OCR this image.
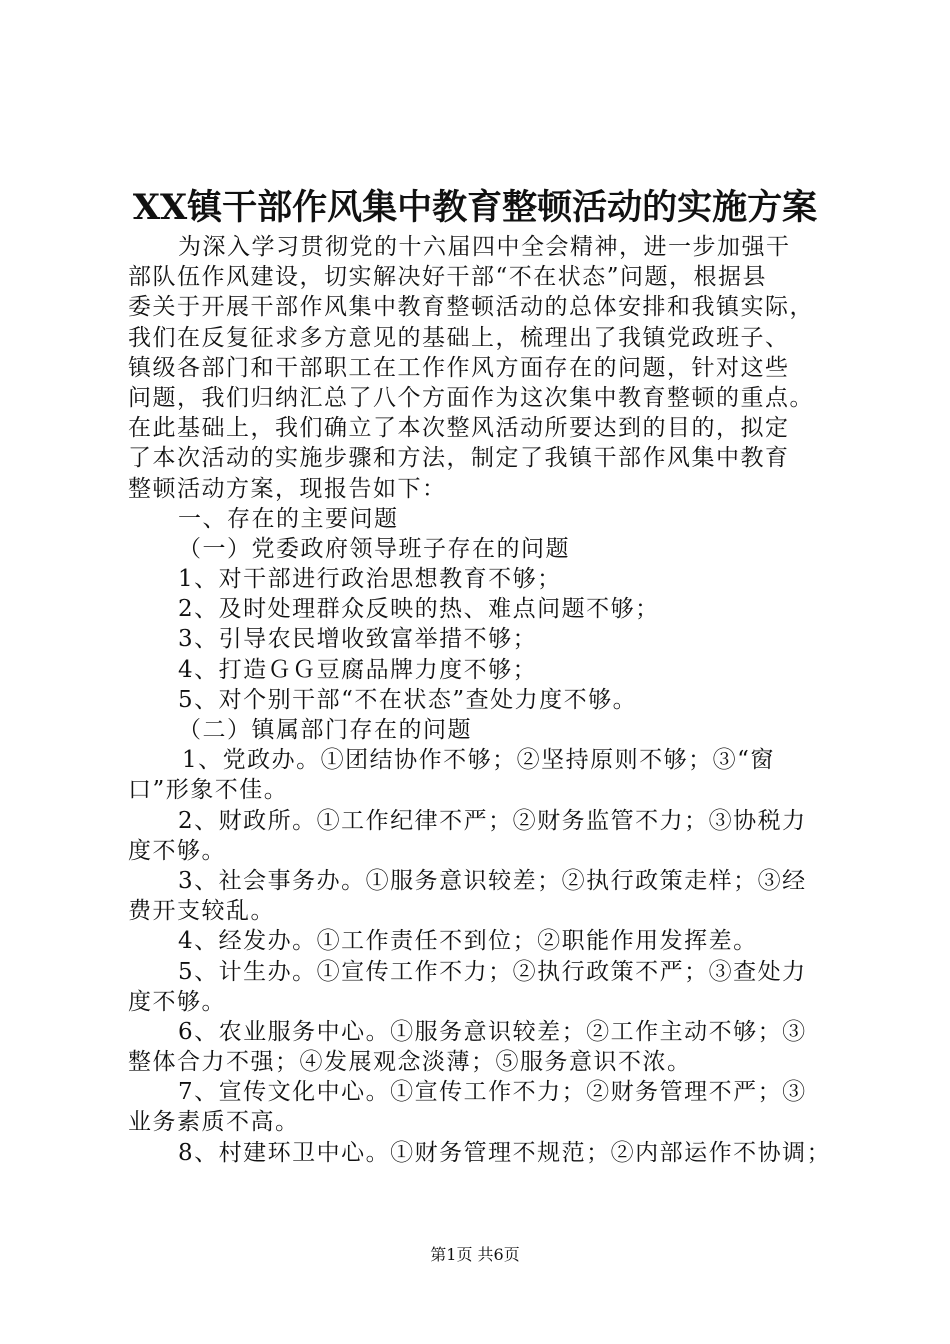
XX镇干部作风集中教育整顿活动的实施方案
为深入学习贯彻党的十六届四中全会精神，进一步加强干
部队伍作风建设，切实解决好干部“不在状态”问题，根据县
委关于开展干部作风集中教育整顿活动的总体安排和我镇实际，
我们在反复征求多方意见的基础上，梳理出了我镇党政班子、
镇级各部门和干部职工在工作作风方面存在的问题，针对这些
问题，我们归纳汇总了八个方面作为这次集中教育整顿的重点。
在此基础上，我们确立了本次整风活动所要达到的目的，拟定
了本次活动的实施步骤和方法，制定了我镇干部作风集中教育
整顿活动方案，现报告如下：
一、存在的主要问题
（一）党委政府领导班子存在的问题
1、对干部进行政治思想教育不够；
2、及时处理群众反映的热、难点问题不够；
3、引导农民增收致富举措不够；
4、打造ＧＧ豆腐品牌力度不够；
5、对个别干部“不在状态”查处力度不够。
（二）镇属部门存在的问题
1、党政办。①团结协作不够；②坚持原则不够；③“窗
口”形象不佳。
2、财政所。①工作纪律不严；②财务监管不力；③协税力
度不够。
3、社会事务办。①服务意识较差；②执行政策走样；③经
费开支较乱。
4、经发办。①工作责任不到位；②职能作用发挥差。
5、计生办。①宣传工作不力；②执行政策不严；③查处力
度不够。
6、农业服务中心。①服务意识较差；②工作主动不够；③
整体合力不强；④发展观念淡薄；⑤服务意识不浓。
7、宣传文化中心。①宣传工作不力；②财务管理不严；③
业务素质不高。
8、村建环卫中心。①财务管理不规范；②内部运作不协调；
第1页 共6页
